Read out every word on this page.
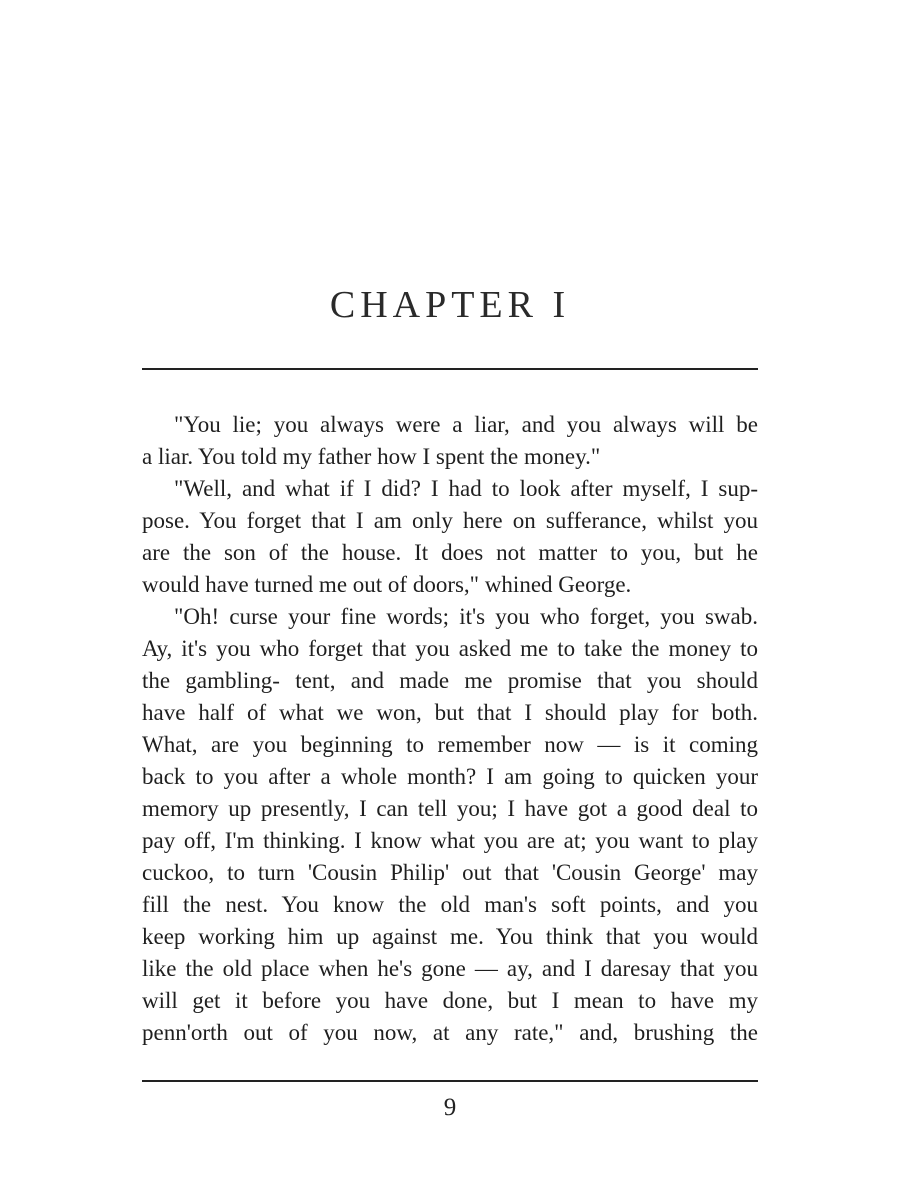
CHAPTER I
"You lie; you always were a liar, and you always will be
a liar. You told my father how I spent the money."
"Well, and what if I did? I had to look after myself, I sup-
pose. You forget that I am only here on sufferance, whilst you
are the son of the house. It does not matter to you, but he
would have turned me out of doors," whined George.
"Oh! curse your fine words; it's you who forget, you swab.
Ay, it's you who forget that you asked me to take the money to
the gambling- tent, and made me promise that you should
have half of what we won, but that I should play for both.
What, are you beginning to remember now — is it coming
back to you after a whole month? I am going to quicken your
memory up presently, I can tell you; I have got a good deal to
pay off, I'm thinking. I know what you are at; you want to play
cuckoo, to turn 'Cousin Philip' out that 'Cousin George' may
fill the nest. You know the old man's soft points, and you
keep working him up against me. You think that you would
like the old place when he's gone — ay, and I daresay that you
will get it before you have done, but I mean to have my
penn'orth out of you now, at any rate," and, brushing the
9
